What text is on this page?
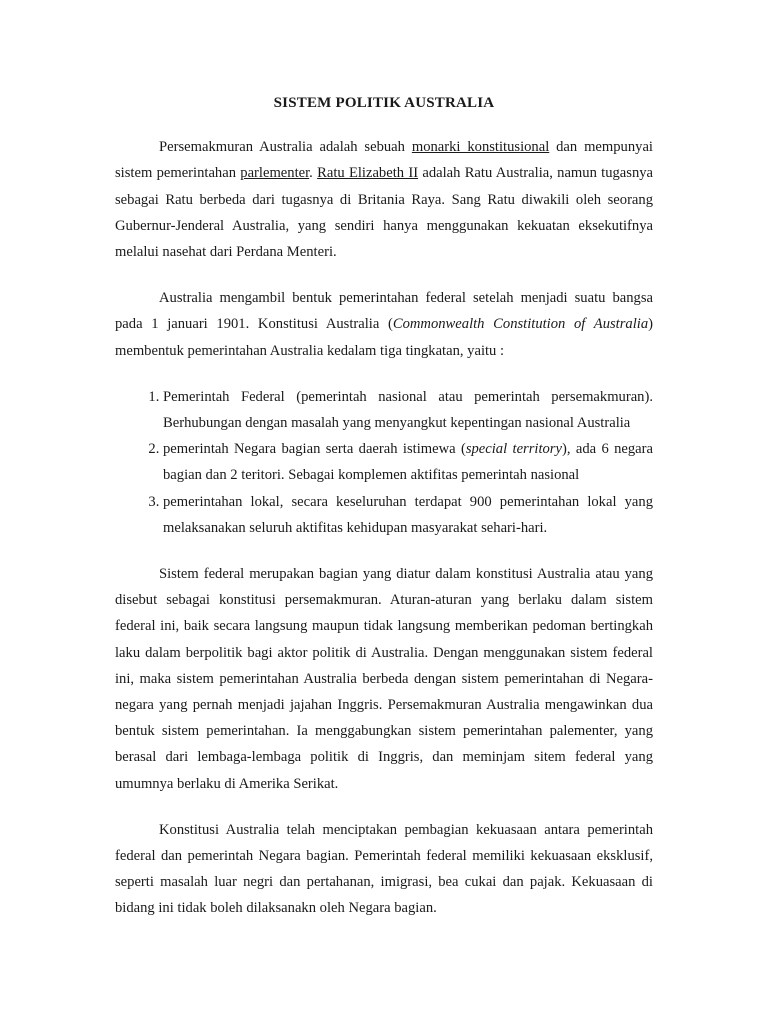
SISTEM POLITIK AUSTRALIA

Persemakmuran Australia adalah sebuah monarki konstitusional dan mempunyai sistem pemerintahan parlementer. Ratu Elizabeth II adalah Ratu Australia, namun tugasnya sebagai Ratu berbeda dari tugasnya di Britania Raya. Sang Ratu diwakili oleh seorang Gubernur-Jenderal Australia, yang sendiri hanya menggunakan kekuatan eksekutifnya melalui nasehat dari Perdana Menteri.

Australia mengambil bentuk pemerintahan federal setelah menjadi suatu bangsa pada 1 januari 1901. Konstitusi Australia (Commonwealth Constitution of Australia) membentuk pemerintahan Australia kedalam tiga tingkatan, yaitu :

1. Pemerintah Federal (pemerintah nasional atau pemerintah persemakmuran). Berhubungan dengan masalah yang menyangkut kepentingan nasional Australia
2. pemerintah Negara bagian serta daerah istimewa (special territory), ada 6 negara bagian dan 2 teritori. Sebagai komplemen aktifitas pemerintah nasional
3. pemerintahan lokal, secara keseluruhan terdapat 900 pemerintahan lokal yang melaksanakan seluruh aktifitas kehidupan masyarakat sehari-hari.

Sistem federal merupakan bagian yang diatur dalam konstitusi Australia atau yang disebut sebagai konstitusi persemakmuran. Aturan-aturan yang berlaku dalam sistem federal ini, baik secara langsung maupun tidak langsung memberikan pedoman bertingkah laku dalam berpolitik bagi aktor politik di Australia. Dengan menggunakan sistem federal ini, maka sistem pemerintahan Australia berbeda dengan sistem pemerintahan di Negara-negara yang pernah menjadi jajahan Inggris. Persemakmuran Australia mengawinkan dua bentuk sistem pemerintahan. Ia menggabungkan sistem pemerintahan palementer, yang berasal dari lembaga-lembaga politik di Inggris, dan meminjam sitem federal yang umumnya berlaku di Amerika Serikat.

Konstitusi Australia telah menciptakan pembagian kekuasaan antara pemerintah federal dan pemerintah Negara bagian. Pemerintah federal memiliki kekuasaan eksklusif, seperti masalah luar negri dan pertahanan, imigrasi, bea cukai dan pajak. Kekuasaan di bidang ini tidak boleh dilaksanakn oleh Negara bagian.
